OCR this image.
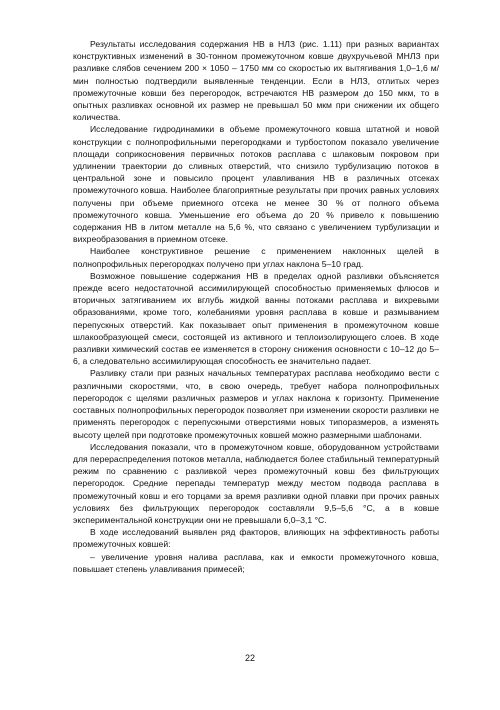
Результаты исследования содержания НВ в НЛЗ (рис. 1.11) при разных вариантах конструктивных изменений в 30-тонном промежуточном ковше двухручьевой МНЛЗ при разливке слябов сечением 200 × 1050 – 1750 мм со скоростью их вытягивания 1,0–1,6 м/мин полностью подтвердили выявленные тенденции. Если в НЛЗ, отлитых через промежуточные ковши без перегородок, встречаются НВ размером до 150 мкм, то в опытных разливках основной их размер не превышал 50 мкм при снижении их общего количества.

Исследование гидродинамики в объеме промежуточного ковша штатной и новой конструкции с полнопрофильными перегородками и турбостопом показало увеличение площади соприкосновения первичных потоков расплава с шлаковым покровом при удлинении траектории до сливных отверстий, что снизило турбулизацию потоков в центральной зоне и повысило процент улавливания НВ в различных отсеках промежуточного ковша. Наиболее благоприятные результаты при прочих равных условиях получены при объеме приемного отсека не менее 30 % от полного объема промежуточного ковша. Уменьшение его объема до 20 % привело к повышению содержания НВ в литом металле на 5,6 %, что связано с увеличением турбулизации и вихреобразования в приемном отсеке.

Наиболее конструктивное решение с применением наклонных щелей в полнопрофильных перегородках получено при углах наклона 5–10 град.

Возможное повышение содержания НВ в пределах одной разливки объясняется прежде всего недостаточной ассимилирующей способностью применяемых флюсов и вторичных затягиванием их вглубь жидкой ванны потоками расплава и вихревыми образованиями, кроме того, колебаниями уровня расплава в ковше и размыванием перепускных отверстий. Как показывает опыт применения в промежуточном ковше шлакообразующей смеси, состоящей из активного и теплоизолирующего слоев. В ходе разливки химический состав ее изменяется в сторону снижения основности с 10–12 до 5–6, а следовательно ассимилирующая способность ее значительно падает.

Разливку стали при разных начальных температурах расплава необходимо вести с различными скоростями, что, в свою очередь, требует набора полнопрофильных перегородок с щелями различных размеров и углах наклона к горизонту. Применение составных полнопрофильных перегородок позволяет при изменении скорости разливки не применять перегородок с перепускными отверстиями новых типоразмеров, а изменять высоту щелей при подготовке промежуточных ковшей можно размерными шаблонами.

Исследования показали, что в промежуточном ковше, оборудованном устройствами для перераспределения потоков металла, наблюдается более стабильный температурный режим по сравнению с разливкой через промежуточный ковш без фильтрующих перегородок. Средние перепады температур между местом подвода расплава в промежуточный ковш и его торцами за время разливки одной плавки при прочих равных условиях без фильтрующих перегородок составляли 9,5–5,6 °С, а в ковше экспериментальной конструкции они не превышали 6,0–3,1 °С.

В ходе исследований выявлен ряд факторов, влияющих на эффективность работы промежуточных ковшей:

– увеличение уровня налива расплава, как и емкости промежуточного ковша, повышает степень улавливания примесей;

22
